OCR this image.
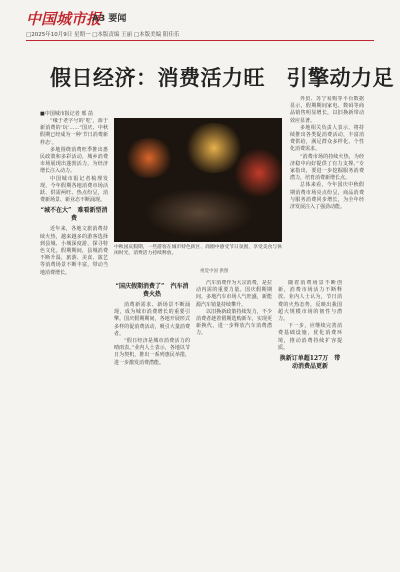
中国城市报
A3 要闻
□2025年10月9日 星期一 □本版责编 王丽 □本版美编 阳佳乐
假日经济：消费活力旺　引擎动力足
■中国城市报记者 邢 菡

“缘于老字号的‘吃’，源于新消费的‘玩’……”国庆、中秋假期已经成为一种‘节日消费新样态’。

多地围绕消费旺季推出惠民政策和多彩活动，城乡消费市场展现出蓬勃活力，为经济增长注入动力。

中国城市报记者梳理发现，今年假期各地消费市场活跃、供需两旺、热点纷呈，消费新场景、新业态不断涌现。

“城不在大”　难看新型消费

近年来，各地文旅消费持续火热，越来越多的游客选择到县城、小城深度游，探寻特色文化。假期期间，县城消费不断升温，旅游、美食、演艺等消费场景不断丰富，带动当地消费增长。

中秋国庆假期，一些游客在城市特色街区、商圈中感受节日氛围，享受美食与休闲时光，消费活力持续释放。
视觉中国 供图

“国庆假期消费了”　汽车消费火热

消费新需求、新场景不断涌现，成为城市消费增长的重要引擎。国庆假期期间，各地开展形式多样的促消费活动，吸引大量消费者。

“假日经济是城市消费活力的晴雨表。”业内人士表示，各地以节日为契机，推出一系列惠民举措，进一步激发消费潜能。

汽车消费作为大宗消费，是拉动内需的重要力量。国庆假期期间，多地汽车市场人气旺盛，新能源汽车销量持续攀升。

以旧换新政策持续发力，不少消费者趁着假期选购新车，实现更新换代，进一步释放汽车消费潜力。

随着消费场景不断创新，消费市场活力不断释放。业内人士认为，节日消费的火热态势，反映出我国超大规模市场的韧性与潜力。

下一步，应继续完善消费基础设施，优化消费环境，推动消费持续扩容提质。

换新订单超127万　带动消费品更新

外贸、苏宁易购等平台数据显示，假期期间家电、数码等商品销售明显增长，以旧换新带动效应显著。

多地相关负责人表示，将持续推出各类促消费活动，丰富消费供给，满足群众多样化、个性化消费需求。

“消费市场的持续火热，为经济稳中向好提供了有力支撑。”专家指出，要进一步挖掘服务消费潜力，培育消费新增长点。

总体来看，今年国庆中秋假期消费市场亮点纷呈，商品消费与服务消费同步增长，为全年经济发展注入了强劲动能。
